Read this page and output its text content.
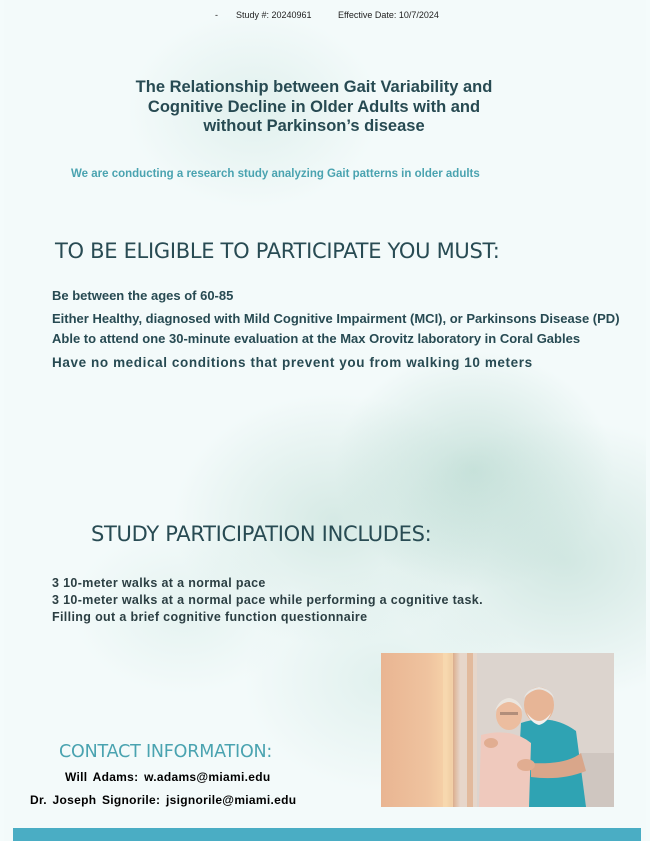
- Study #: 20240961	Effective Date: 10/7/2024
The Relationship between Gait Variability and
Cognitive Decline in Older Adults with and
without Parkinson’s disease
We are conducting a research study analyzing Gait patterns in older adults
TO BE ELIGIBLE TO PARTICIPATE YOU MUST:
Be between the ages of 60-85
Either Healthy, diagnosed with Mild Cognitive Impairment (MCI), or Parkinsons Disease (PD)
Able to attend one 30-minute evaluation at the Max Orovitz laboratory in Coral Gables
Have no medical conditions that prevent you from walking 10 meters
STUDY PARTICIPATION INCLUDES:
3 10-meter walks at a normal pace
3 10-meter walks at a normal pace while performing a cognitive task.
Filling out a brief cognitive function questionnaire
CONTACT INFORMATION:
Will Adams: w.adams@miami.edu
Dr. Joseph Signorile: jsignorile@miami.edu
